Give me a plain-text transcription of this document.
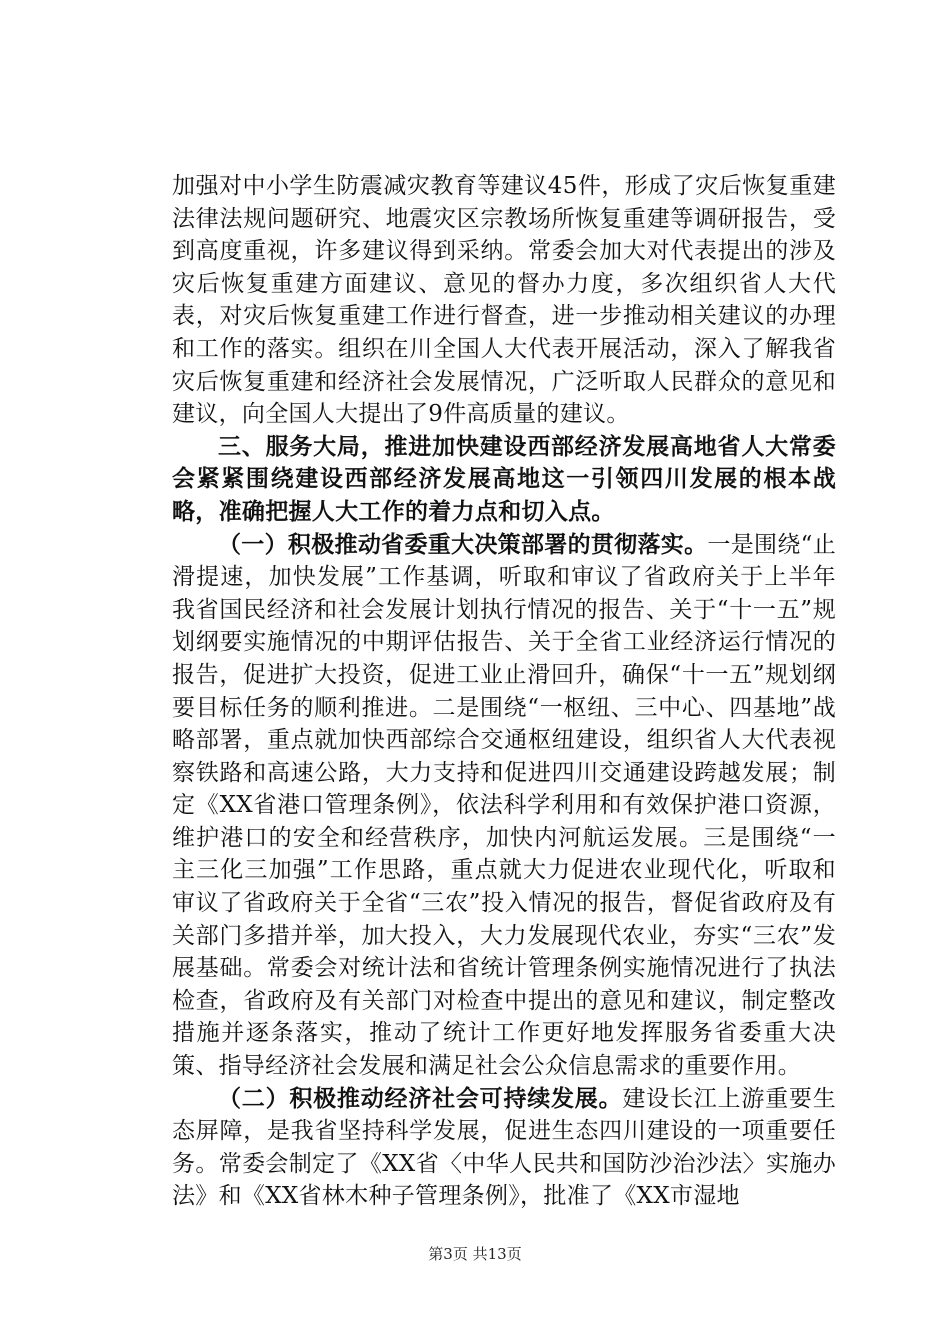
加强对中小学生防震减灾教育等建议45件，形成了灾后恢复重建法律法规问题研究、地震灾区宗教场所恢复重建等调研报告，受到高度重视，许多建议得到采纳。常委会加大对代表提出的涉及灾后恢复重建方面建议、意见的督办力度，多次组织省人大代表，对灾后恢复重建工作进行督查，进一步推动相关建议的办理和工作的落实。组织在川全国人大代表开展活动，深入了解我省灾后恢复重建和经济社会发展情况，广泛听取人民群众的意见和建议，向全国人大提出了9件高质量的建议。

三、服务大局，推进加快建设西部经济发展高地省人大常委会紧紧围绕建设西部经济发展高地这一引领四川发展的根本战略，准确把握人大工作的着力点和切入点。

（一）积极推动省委重大决策部署的贯彻落实。一是围绕“止滑提速，加快发展”工作基调，听取和审议了省政府关于上半年我省国民经济和社会发展计划执行情况的报告、关于“十一五”规划纲要实施情况的中期评估报告、关于全省工业经济运行情况的报告，促进扩大投资，促进工业止滑回升，确保“十一五”规划纲要目标任务的顺利推进。二是围绕“一枢纽、三中心、四基地”战略部署，重点就加快西部综合交通枢纽建设，组织省人大代表视察铁路和高速公路，大力支持和促进四川交通建设跨越发展；制定《XX省港口管理条例》，依法科学利用和有效保护港口资源，维护港口的安全和经营秩序，加快内河航运发展。三是围绕“一主三化三加强”工作思路，重点就大力促进农业现代化，听取和审议了省政府关于全省“三农”投入情况的报告，督促省政府及有关部门多措并举，加大投入，大力发展现代农业，夯实“三农”发展基础。常委会对统计法和省统计管理条例实施情况进行了执法检查，省政府及有关部门对检查中提出的意见和建议，制定整改措施并逐条落实，推动了统计工作更好地发挥服务省委重大决策、指导经济社会发展和满足社会公众信息需求的重要作用。

（二）积极推动经济社会可持续发展。建设长江上游重要生态屏障，是我省坚持科学发展，促进生态四川建设的一项重要任务。常委会制定了《XX省〈中华人民共和国防沙治沙法〉实施办法》和《XX省林木种子管理条例》，批准了《XX市湿地

第3页 共13页
